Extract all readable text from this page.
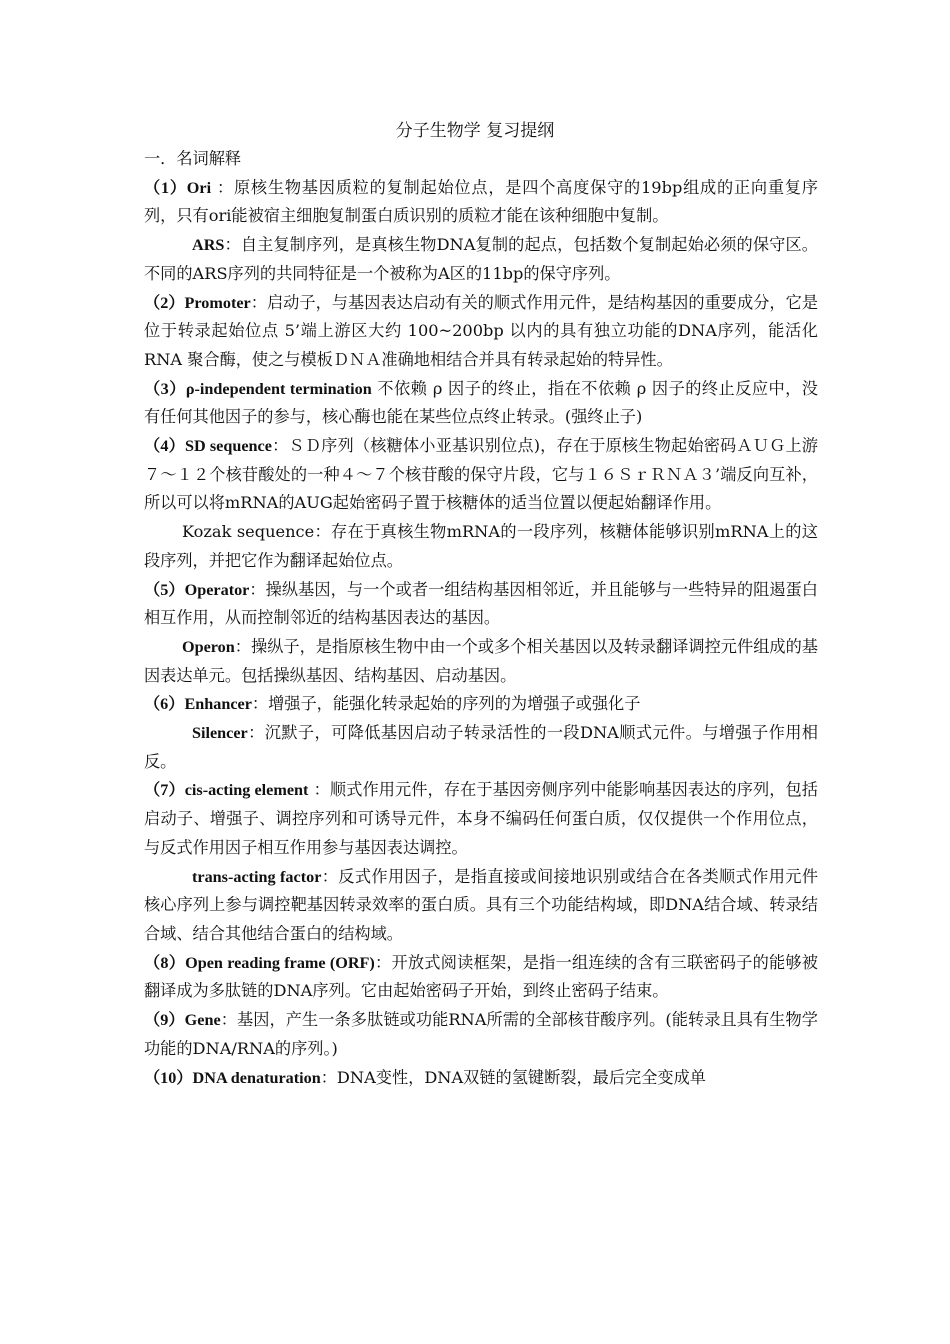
分子生物学 复习提纲

一．名词解释

（1）Ori ：原核生物基因质粒的复制起始位点，是四个高度保守的19bp组成的正向重复序列，只有ori能被宿主细胞复制蛋白质识别的质粒才能在该种细胞中复制。

ARS：自主复制序列，是真核生物DNA复制的起点，包括数个复制起始必须的保守区。不同的ARS序列的共同特征是一个被称为A区的11bp的保守序列。

（2）Promoter：启动子，与基因表达启动有关的顺式作用元件，是结构基因的重要成分，它是位于转录起始位点 5’端上游区大约 100~200bp 以内的具有独立功能的DNA序列，能活化RNA 聚合酶，使之与模板ＤＮＡ准确地相结合并具有转录起始的特异性。

（3）ρ-independent termination 不依赖 ρ 因子的终止，指在不依赖 ρ 因子的终止反应中，没有任何其他因子的参与，核心酶也能在某些位点终止转录。(强终止子)

（4）SD sequence：ＳＤ序列（核糖体小亚基识别位点)，存在于原核生物起始密码ＡＵＧ上游７～１２个核苷酸处的一种４～７个核苷酸的保守片段，它与１６ＳｒＲＮＡ３’端反向互补，所以可以将mRNA的AUG起始密码子置于核糖体的适当位置以便起始翻译作用。

Kozak sequence：存在于真核生物mRNA的一段序列，核糖体能够识别mRNA上的这段序列，并把它作为翻译起始位点。

（5）Operator：操纵基因，与一个或者一组结构基因相邻近，并且能够与一些特异的阻遏蛋白相互作用，从而控制邻近的结构基因表达的基因。

Operon：操纵子，是指原核生物中由一个或多个相关基因以及转录翻译调控元件组成的基因表达单元。包括操纵基因、结构基因、启动基因。

（6）Enhancer：增强子，能强化转录起始的序列的为增强子或强化子

Silencer：沉默子，可降低基因启动子转录活性的一段DNA顺式元件。与增强子作用相反。

（7）cis-acting element ：顺式作用元件，存在于基因旁侧序列中能影响基因表达的序列，包括启动子、增强子、调控序列和可诱导元件，本身不编码任何蛋白质，仅仅提供一个作用位点，与反式作用因子相互作用参与基因表达调控。

trans-acting factor：反式作用因子，是指直接或间接地识别或结合在各类顺式作用元件核心序列上参与调控靶基因转录效率的蛋白质。具有三个功能结构域，即DNA结合域、转录结合域、结合其他结合蛋白的结构域。

（8）Open reading frame (ORF)：开放式阅读框架，是指一组连续的含有三联密码子的能够被翻译成为多肽链的DNA序列。它由起始密码子开始，到终止密码子结束。

（9）Gene：基因，产生一条多肽链或功能RNA所需的全部核苷酸序列。(能转录且具有生物学功能的DNA/RNA的序列。)

（10）DNA denaturation：DNA变性，DNA双链的氢键断裂，最后完全变成单
